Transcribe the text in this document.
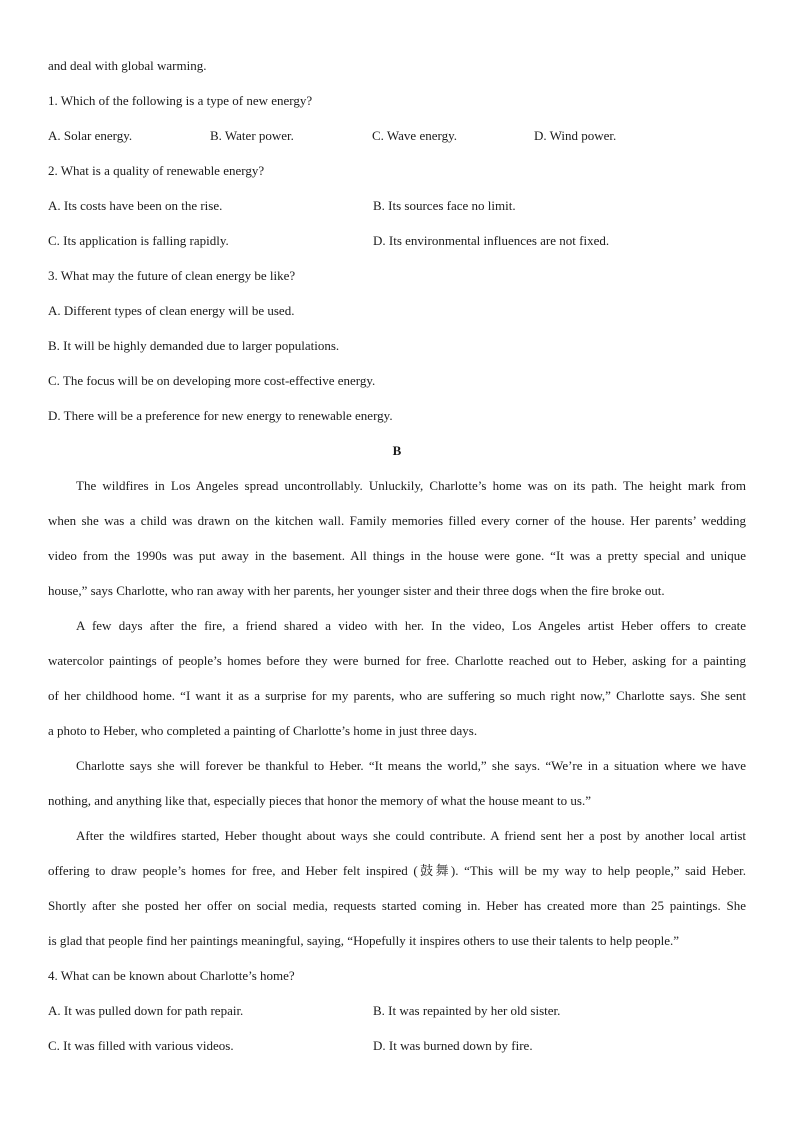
and deal with global warming.
1. Which of the following is a type of new energy?
A. Solar energy.	B. Water power.	C. Wave energy.	D. Wind power.
2. What is a quality of renewable energy?
A. Its costs have been on the rise.	B. Its sources face no limit.
C. Its application is falling rapidly.	D. Its environmental influences are not fixed.
3. What may the future of clean energy be like?
A. Different types of clean energy will be used.
B. It will be highly demanded due to larger populations.
C. The focus will be on developing more cost-effective energy.
D. There will be a preference for new energy to renewable energy.
B

The wildfires in Los Angeles spread uncontrollably. Unluckily, Charlotte’s home was on its path. The height mark from
when she was a child was drawn on the kitchen wall. Family memories filled every corner of the house. Her parents’ wedding
video from the 1990s was put away in the basement. All things in the house were gone. “It was a pretty special and unique
house,” says Charlotte, who ran away with her parents, her younger sister and their three dogs when the fire broke out.

A few days after the fire, a friend shared a video with her. In the video, Los Angeles artist Heber offers to create
watercolor paintings of people’s homes before they were burned for free. Charlotte reached out to Heber, asking for a painting
of her childhood home. “I want it as a surprise for my parents, who are suffering so much right now,” Charlotte says. She sent
a photo to Heber, who completed a painting of Charlotte’s home in just three days.

Charlotte says she will forever be thankful to Heber. “It means the world,” she says. “We’re in a situation where we have
nothing, and anything like that, especially pieces that honor the memory of what the house meant to us.”

After the wildfires started, Heber thought about ways she could contribute. A friend sent her a post by another local artist
offering to draw people’s homes for free, and Heber felt inspired (鼓舞). “This will be my way to help people,” said Heber.
Shortly after she posted her offer on social media, requests started coming in. Heber has created more than 25 paintings. She
is glad that people find her paintings meaningful, saying, “Hopefully it inspires others to use their talents to help people.”

4. What can be known about Charlotte’s home?
A. It was pulled down for path repair.	B. It was repainted by her old sister.
C. It was filled with various videos.	D. It was burned down by fire.
